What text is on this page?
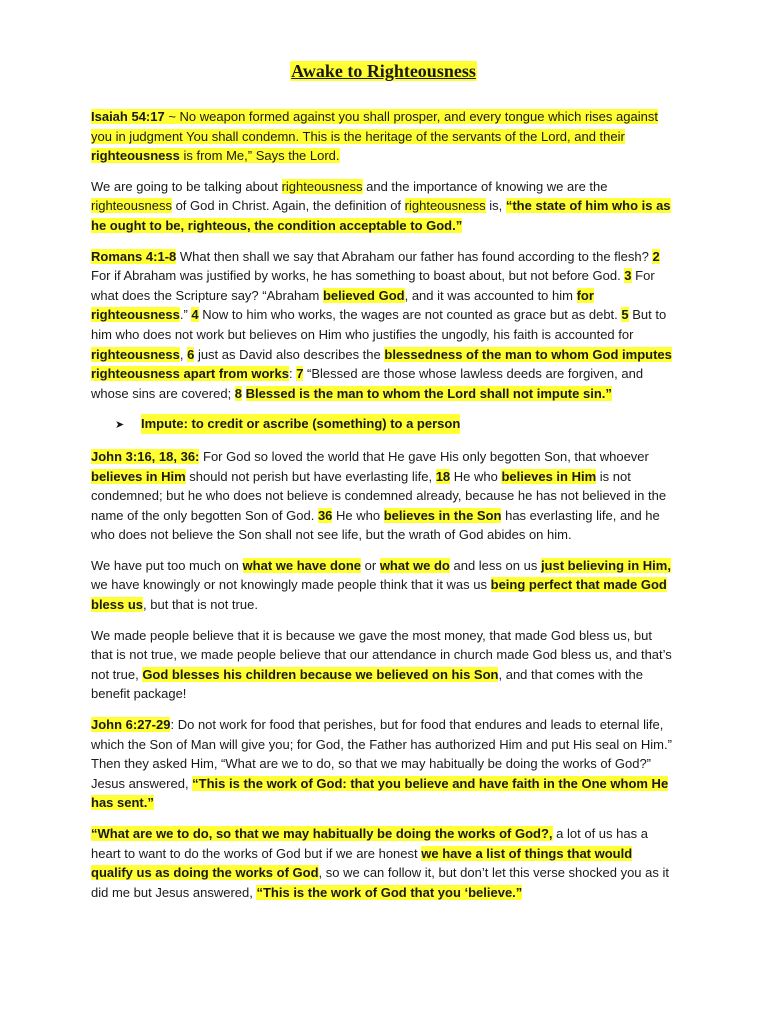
Awake to Righteousness

Isaiah 54:17 ~ No weapon formed against you shall prosper, and every tongue which rises against you in judgment You shall condemn. This is the heritage of the servants of the Lord, and their righteousness is from Me,” Says the Lord.

We are going to be talking about righteousness and the importance of knowing we are the righteousness of God in Christ. Again, the definition of righteousness is, “the state of him who is as he ought to be, righteous, the condition acceptable to God.”

Romans 4:1-8 What then shall we say that Abraham our father has found according to the flesh? 2 For if Abraham was justified by works, he has something to boast about, but not before God. 3 For what does the Scripture say? “Abraham believed God, and it was accounted to him for righteousness.” 4 Now to him who works, the wages are not counted as grace but as debt. 5 But to him who does not work but believes on Him who justifies the ungodly, his faith is accounted for righteousness, 6 just as David also describes the blessedness of the man to whom God imputes righteousness apart from works: 7 “Blessed are those whose lawless deeds are forgiven, and whose sins are covered; 8 Blessed is the man to whom the Lord shall not impute sin.”

➤	Impute: to credit or ascribe (something) to a person

John 3:16, 18, 36: For God so loved the world that He gave His only begotten Son, that whoever believes in Him should not perish but have everlasting life, 18 He who believes in Him is not condemned; but he who does not believe is condemned already, because he has not believed in the name of the only begotten Son of God. 36 He who believes in the Son has everlasting life, and he who does not believe the Son shall not see life, but the wrath of God abides on him.

We have put too much on what we have done or what we do and less on us just believing in Him, we have knowingly or not knowingly made people think that it was us being perfect that made God bless us, but that is not true.

We made people believe that it is because we gave the most money, that made God bless us, but that is not true, we made people believe that our attendance in church made God bless us, and that’s not true, God blesses his children because we believed on his Son, and that comes with the benefit package!

John 6:27-29: Do not work for food that perishes, but for food that endures and leads to eternal life, which the Son of Man will give you; for God, the Father has authorized Him and put His seal on Him.” Then they asked Him, “What are we to do, so that we may habitually be doing the works of God?” Jesus answered, “This is the work of God: that you believe and have faith in the One whom He has sent.”

“What are we to do, so that we may habitually be doing the works of God?, a lot of us has a heart to want to do the works of God but if we are honest we have a list of things that would qualify us as doing the works of God, so we can follow it, but don’t let this verse shocked you as it did me but Jesus answered, “This is the work of God that you ‘believe.”
